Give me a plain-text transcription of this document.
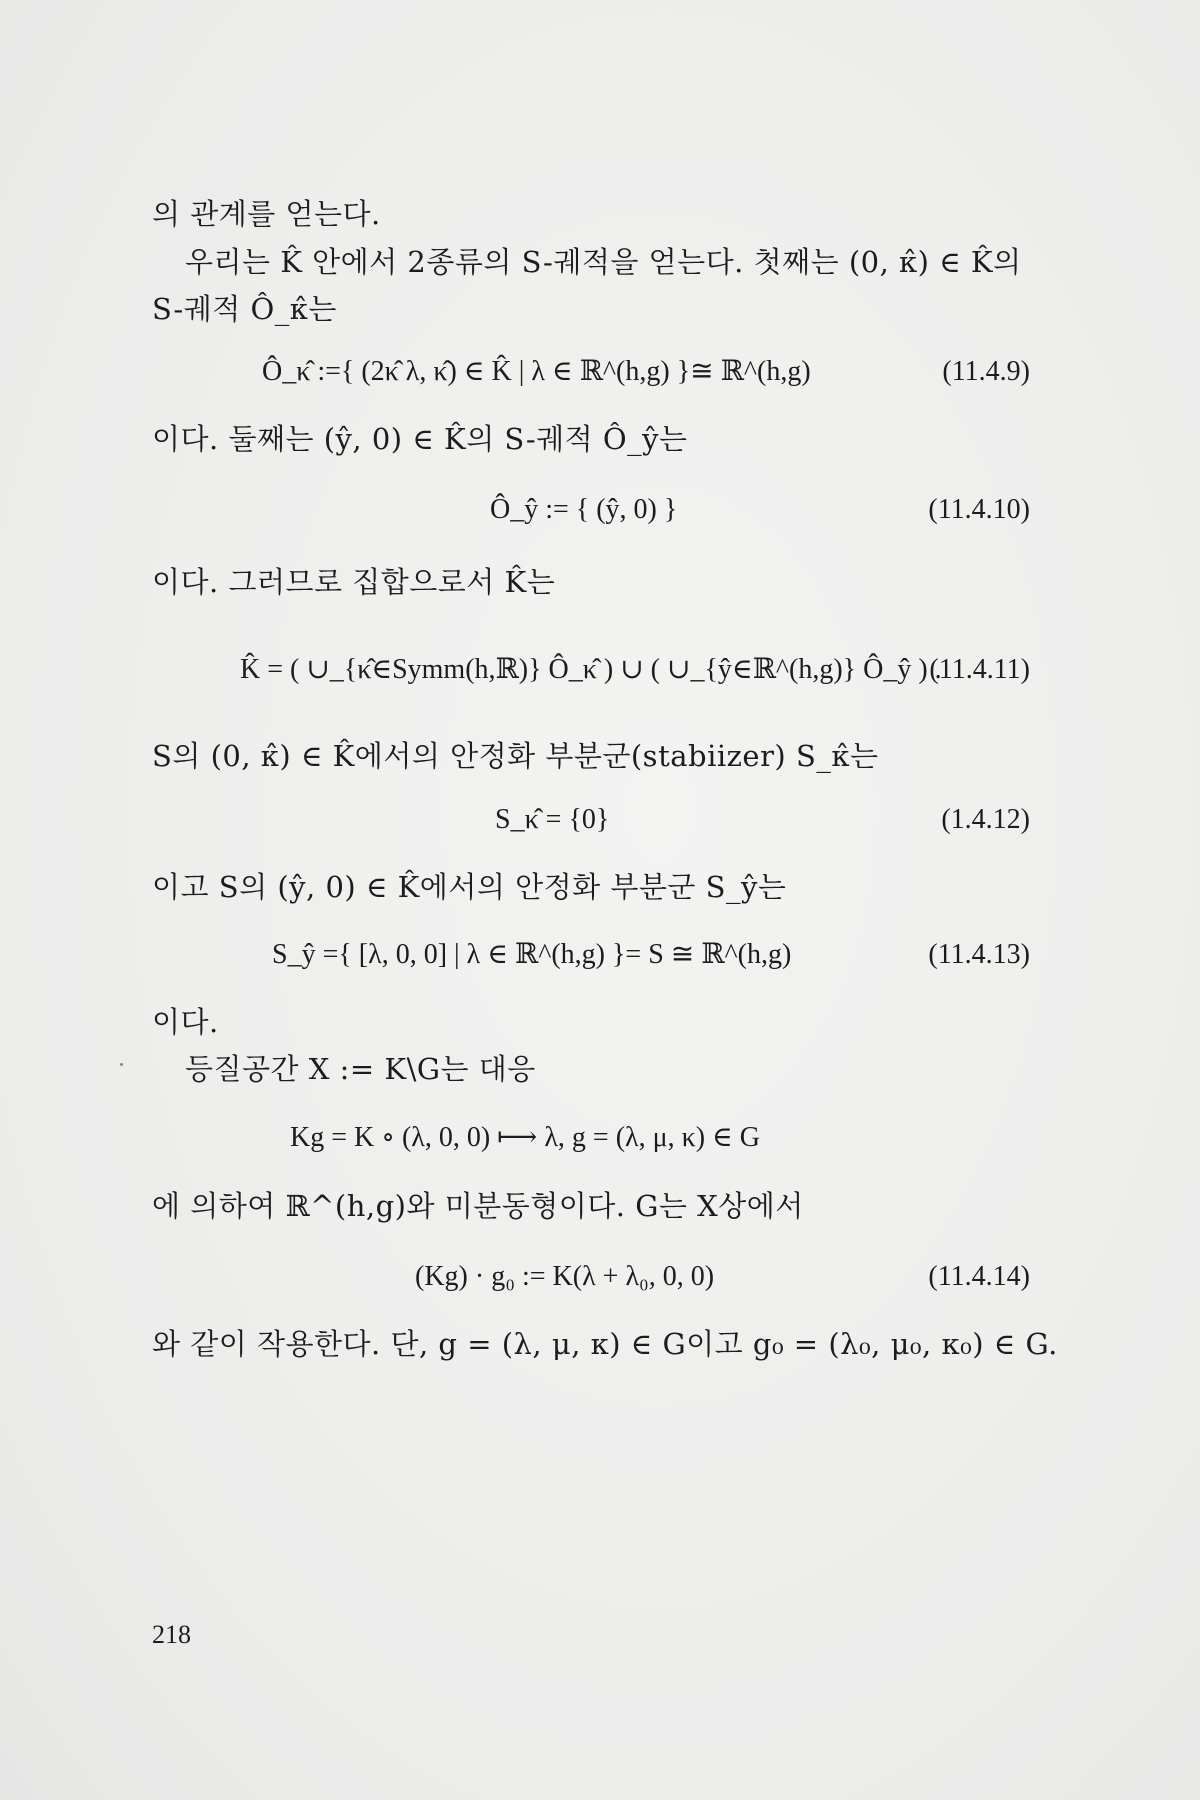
의 관계를 얻는다.
우리는 K̂ 안에서 2종류의 S-궤적을 얻는다. 첫째는 (0, κ̂) ∈ K̂의
S-궤적 Ô_κ̂는
Ô_κ̂ :={ (2κ̂ λ, κ̂) ∈ K̂ | λ ∈ ℝ^(h,g) }≅ ℝ^(h,g)	(11.4.9)
이다. 둘째는 (ŷ, 0) ∈ K̂의 S-궤적 Ô_ŷ는
Ô_ŷ := { (ŷ, 0) }	(11.4.10)
이다. 그러므로 집합으로서 K̂는
K̂ = ( ∪_{κ̂∈Symm(h,ℝ)} Ô_κ̂ ) ∪ ( ∪_{ŷ∈ℝ^(h,g)} Ô_ŷ ) .
(11.4.11)
S의 (0, κ̂) ∈ K̂에서의 안정화 부분군(stabiizer) S_κ̂는
S_κ̂ = {0}	(1.4.12)
이고 S의 (ŷ, 0) ∈ K̂에서의 안정화 부분군 S_ŷ는
S_ŷ ={ [λ, 0, 0] | λ ∈ ℝ^(h,g) }= S ≅ ℝ^(h,g)	(11.4.13)
이다.
등질공간 X := K\G는 대응
Kg = K ∘ (λ, 0, 0) ⟼ λ, g = (λ, μ, κ) ∈ G
에 의하여 ℝ^(h,g)와 미분동형이다. G는 X상에서
(Kg) · g₀ := K(λ + λ₀, 0, 0)	(11.4.14)
와 같이 작용한다. 단, g = (λ, μ, κ) ∈ G이고 g₀ = (λ₀, μ₀, κ₀) ∈ G.
218
